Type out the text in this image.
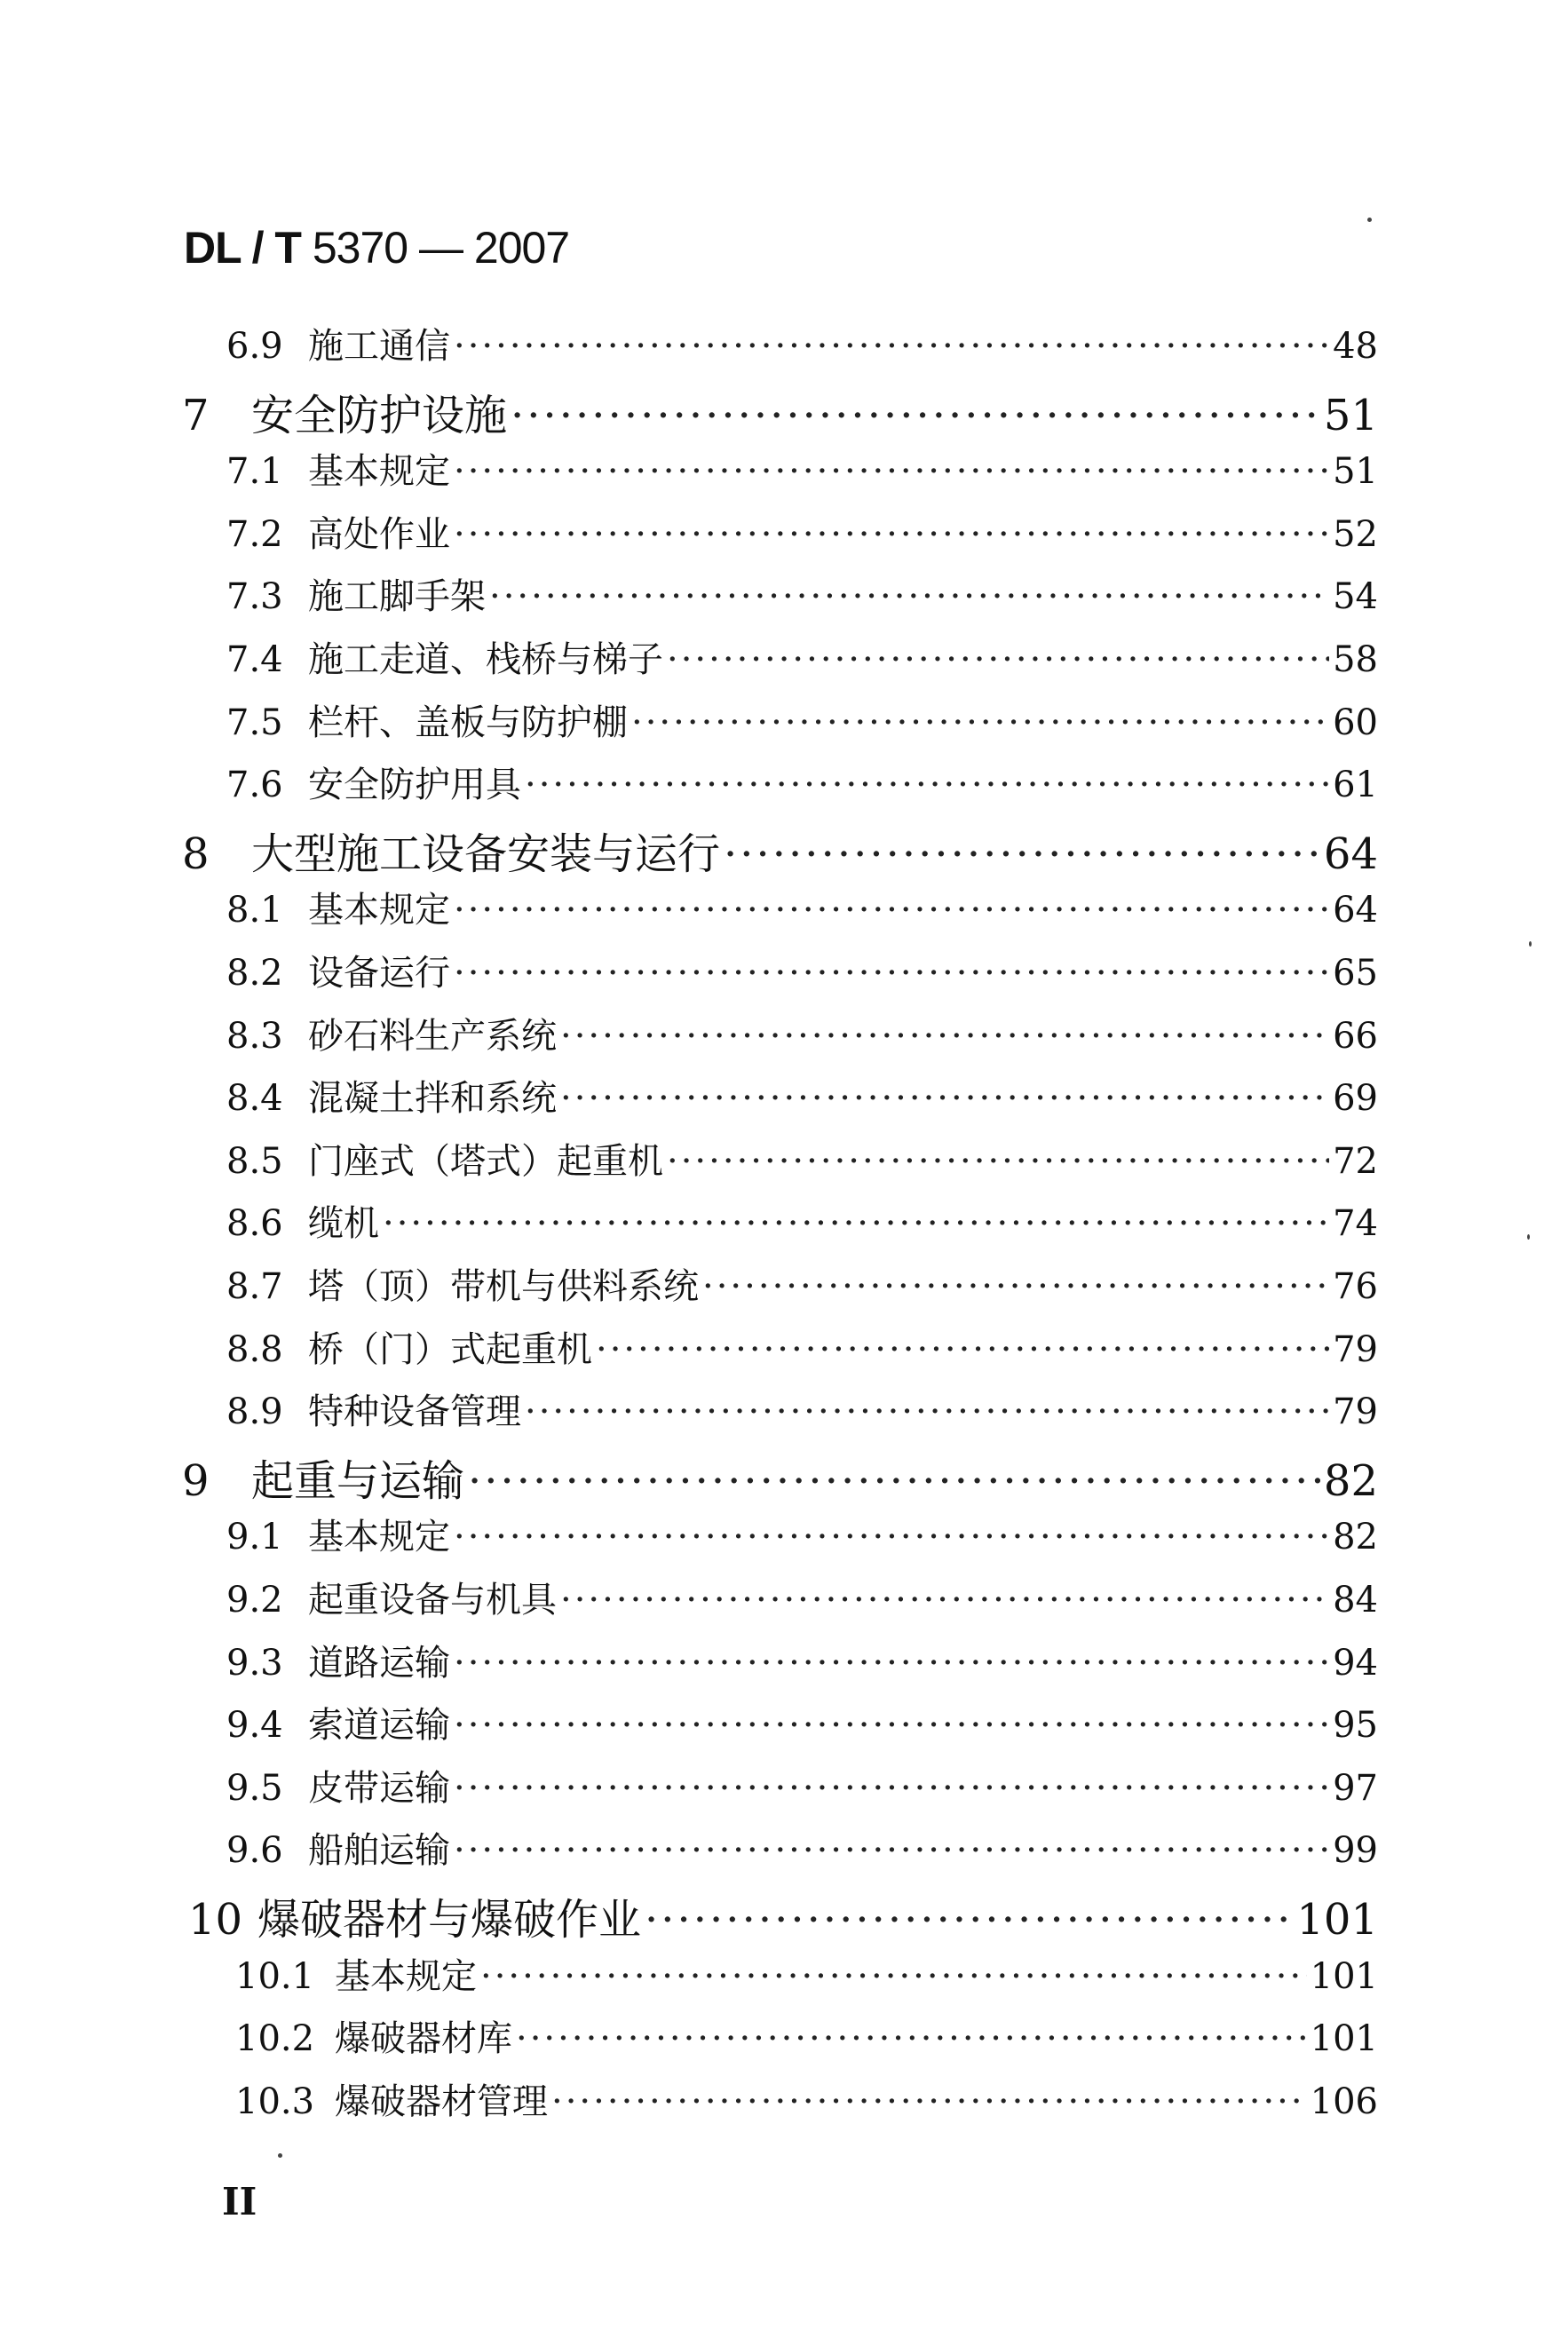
DL / T 5370 — 2007
6.9 施工通信 ·····	48
7 安全防护设施 ·····	51
7.1 基本规定 ·····	51
7.2 高处作业 ·····	52
7.3 施工脚手架 ·····	54
7.4 施工走道、栈桥与梯子 ·····	58
7.5 栏杆、盖板与防护棚 ·····	60
7.6 安全防护用具 ·····	61
8 大型施工设备安装与运行 ·····	64
8.1 基本规定 ·····	64
8.2 设备运行 ·····	65
8.3 砂石料生产系统 ·····	66
8.4 混凝土拌和系统 ·····	69
8.5 门座式（塔式）起重机 ·····	72
8.6 缆机 ·····	74
8.7 塔（顶）带机与供料系统 ·····	76
8.8 桥（门）式起重机 ·····	79
8.9 特种设备管理 ·····	79
9 起重与运输 ·····	82
9.1 基本规定 ·····	82
9.2 起重设备与机具 ·····	84
9.3 道路运输 ·····	94
9.4 索道运输 ·····	95
9.5 皮带运输 ·····	97
9.6 船舶运输 ·····	99
10 爆破器材与爆破作业 ·····	101
10.1 基本规定 ·····	101
10.2 爆破器材库 ·····	101
10.3 爆破器材管理 ·····	106
II
